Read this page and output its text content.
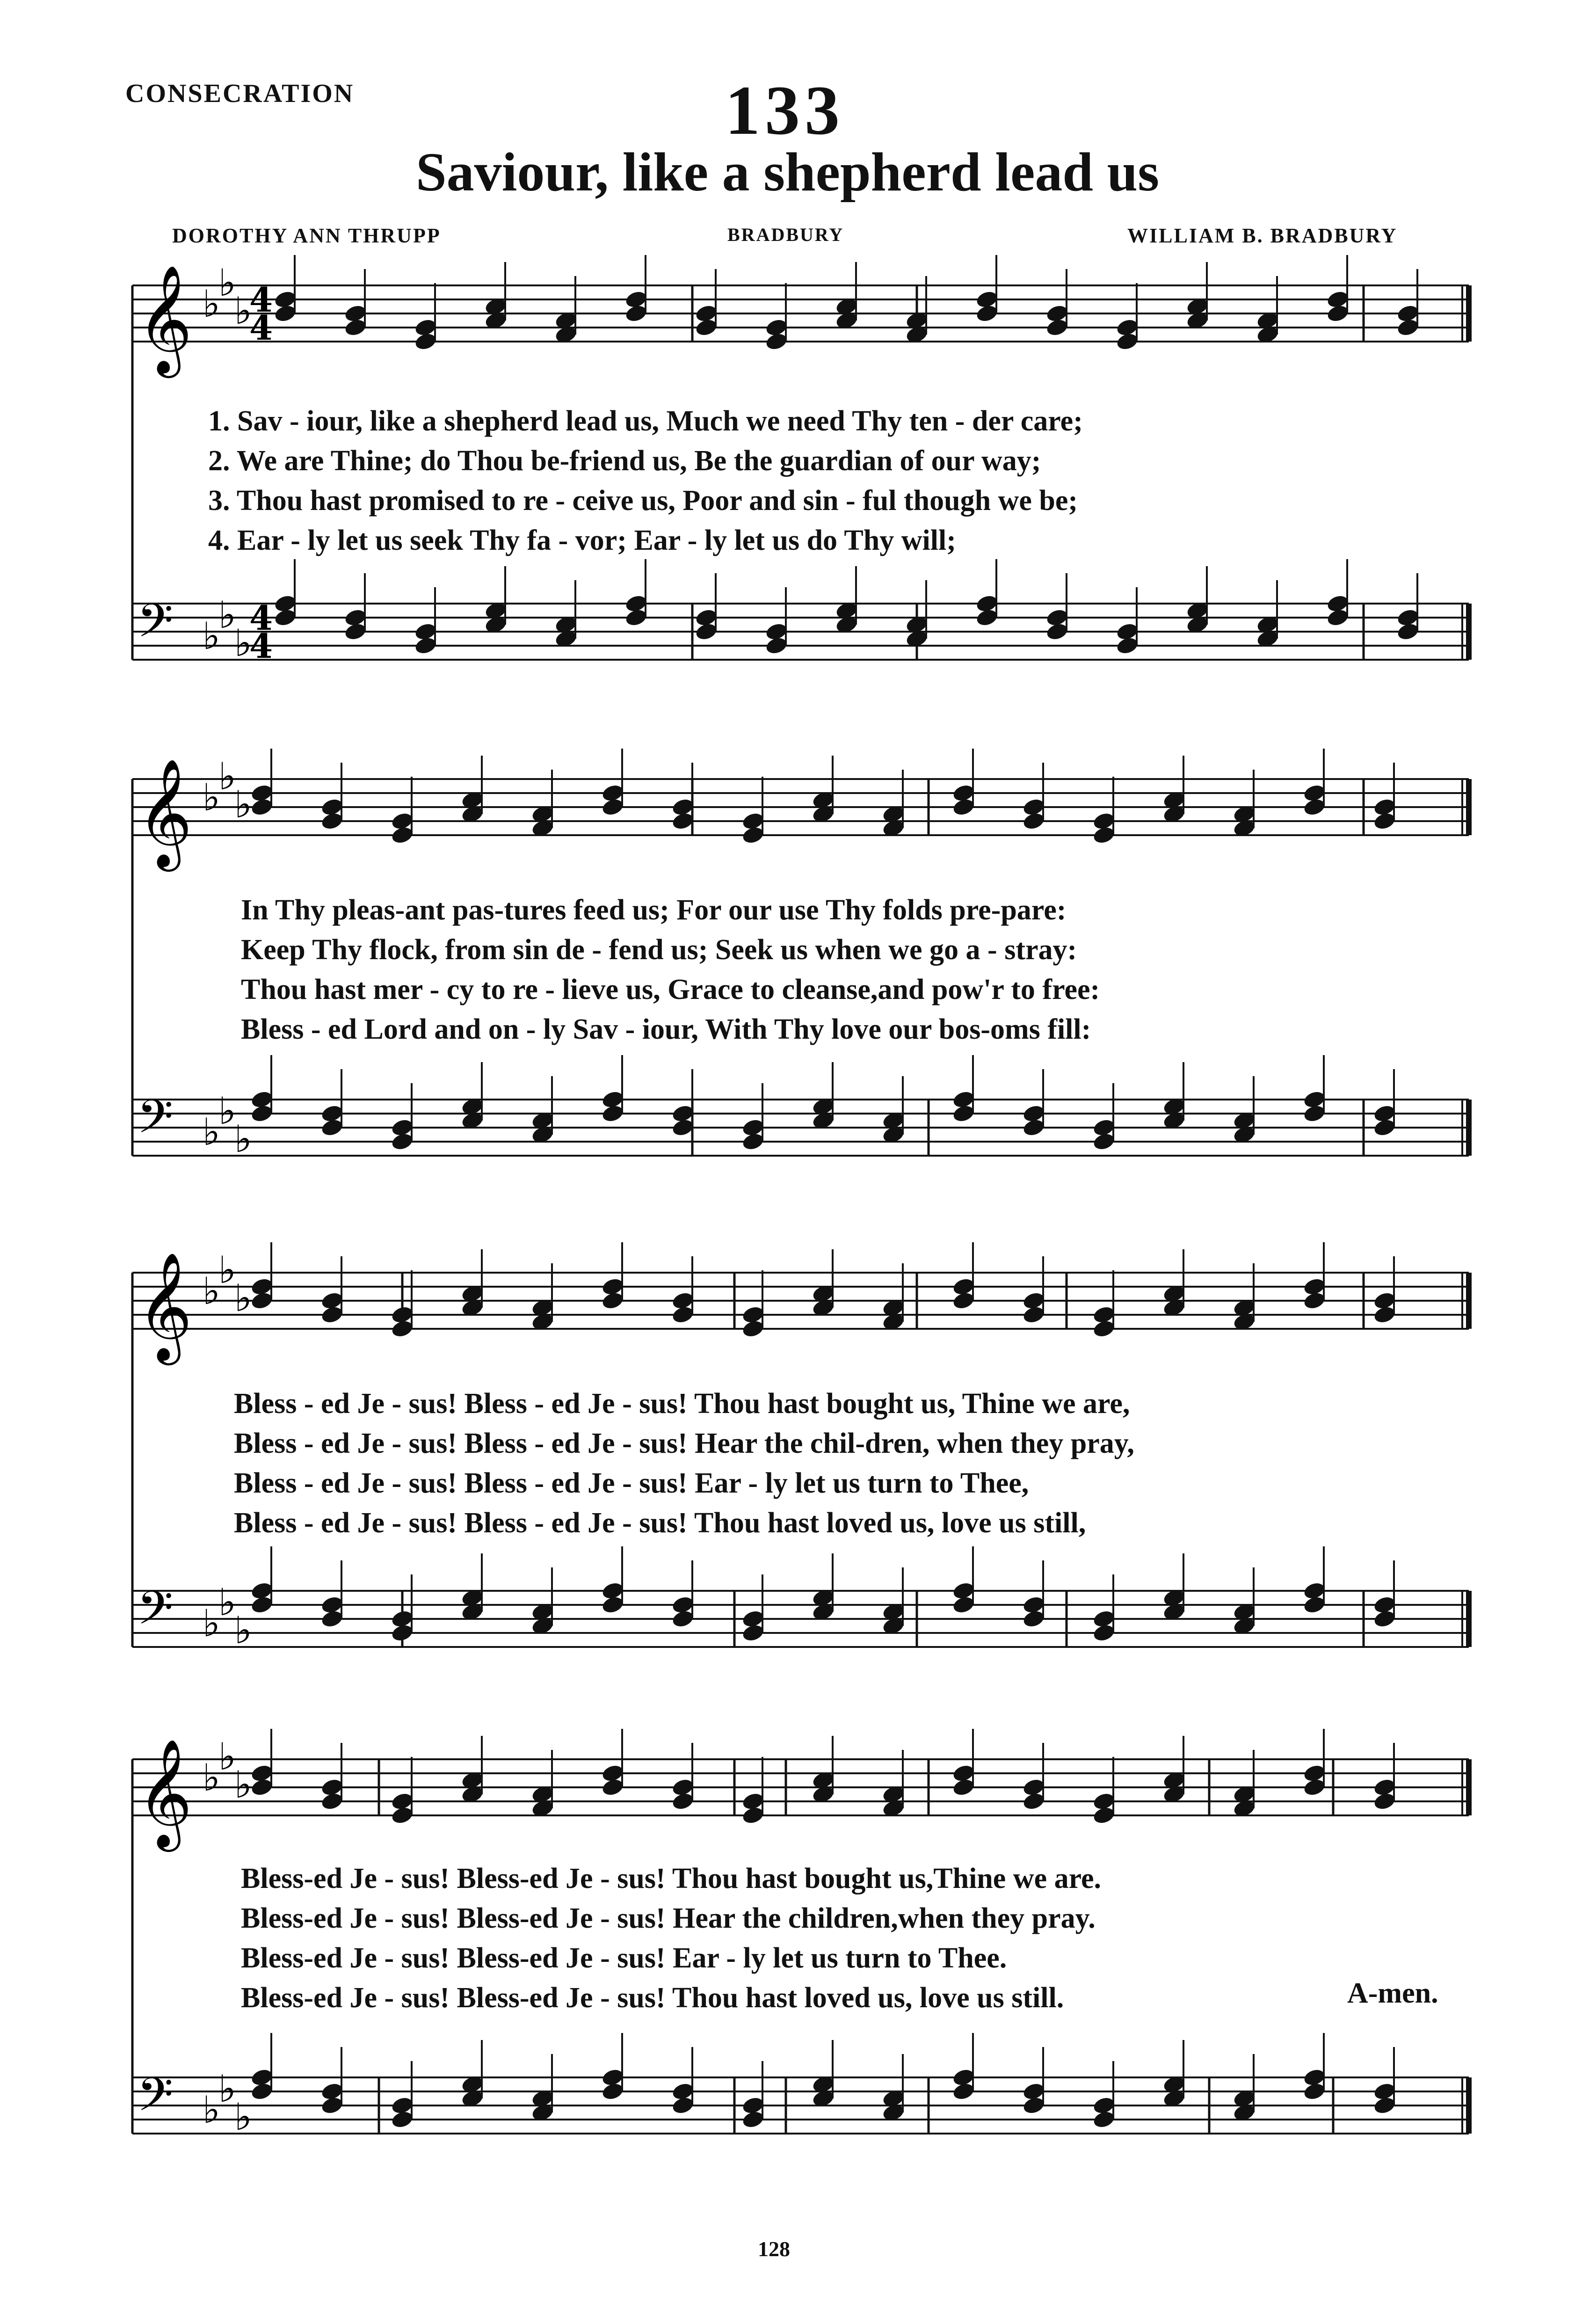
CONSECRATION	133
Saviour, like a shepherd lead us
DOROTHY ANN THRUPP	BRADBURY	WILLIAM B. BRADBURY
𝄞 ♭
♭
♭
𝄢 ♭
♭
♭
4
4
4
4
𝄞 ♭
♭
♭
𝄢 ♭
♭
♭
𝄞 ♭
♭
♭
𝄢 ♭
♭
♭
𝄞 ♭
♭
♭
𝄢 ♭
♭
♭
A-men.
128
1. Sav - iour, like a shepherd lead us, Much we need Thy ten - der care;
2. We are Thine; do Thou be-friend us, Be the guardian of our way;
3. Thou hast promised to re - ceive us, Poor and sin - ful though we be;
4. Ear - ly let us seek Thy fa - vor; Ear - ly let us do Thy will;
In Thy pleas-ant pas-tures feed us; For our use Thy folds pre-pare:
Keep Thy flock, from sin de - fend us; Seek us when we go a - stray:
Thou hast mer - cy to re - lieve us, Grace to cleanse,and pow'r to free:
Bless - ed Lord and on - ly Sav - iour, With Thy love our bos-oms fill:
Bless - ed Je - sus! Bless - ed Je - sus! Thou hast bought us, Thine we are,
Bless - ed Je - sus! Bless - ed Je - sus! Hear the chil-dren, when they pray,
Bless - ed Je - sus! Bless - ed Je - sus! Ear - ly let us turn to Thee,
Bless - ed Je - sus! Bless - ed Je - sus! Thou hast loved us, love us still,
Bless-ed Je - sus! Bless-ed Je - sus! Thou hast bought us,Thine we are.
Bless-ed Je - sus! Bless-ed Je - sus! Hear the children,when they pray.
Bless-ed Je - sus! Bless-ed Je - sus! Ear - ly let us turn to Thee.
Bless-ed Je - sus! Bless-ed Je - sus! Thou hast loved us, love us still.
